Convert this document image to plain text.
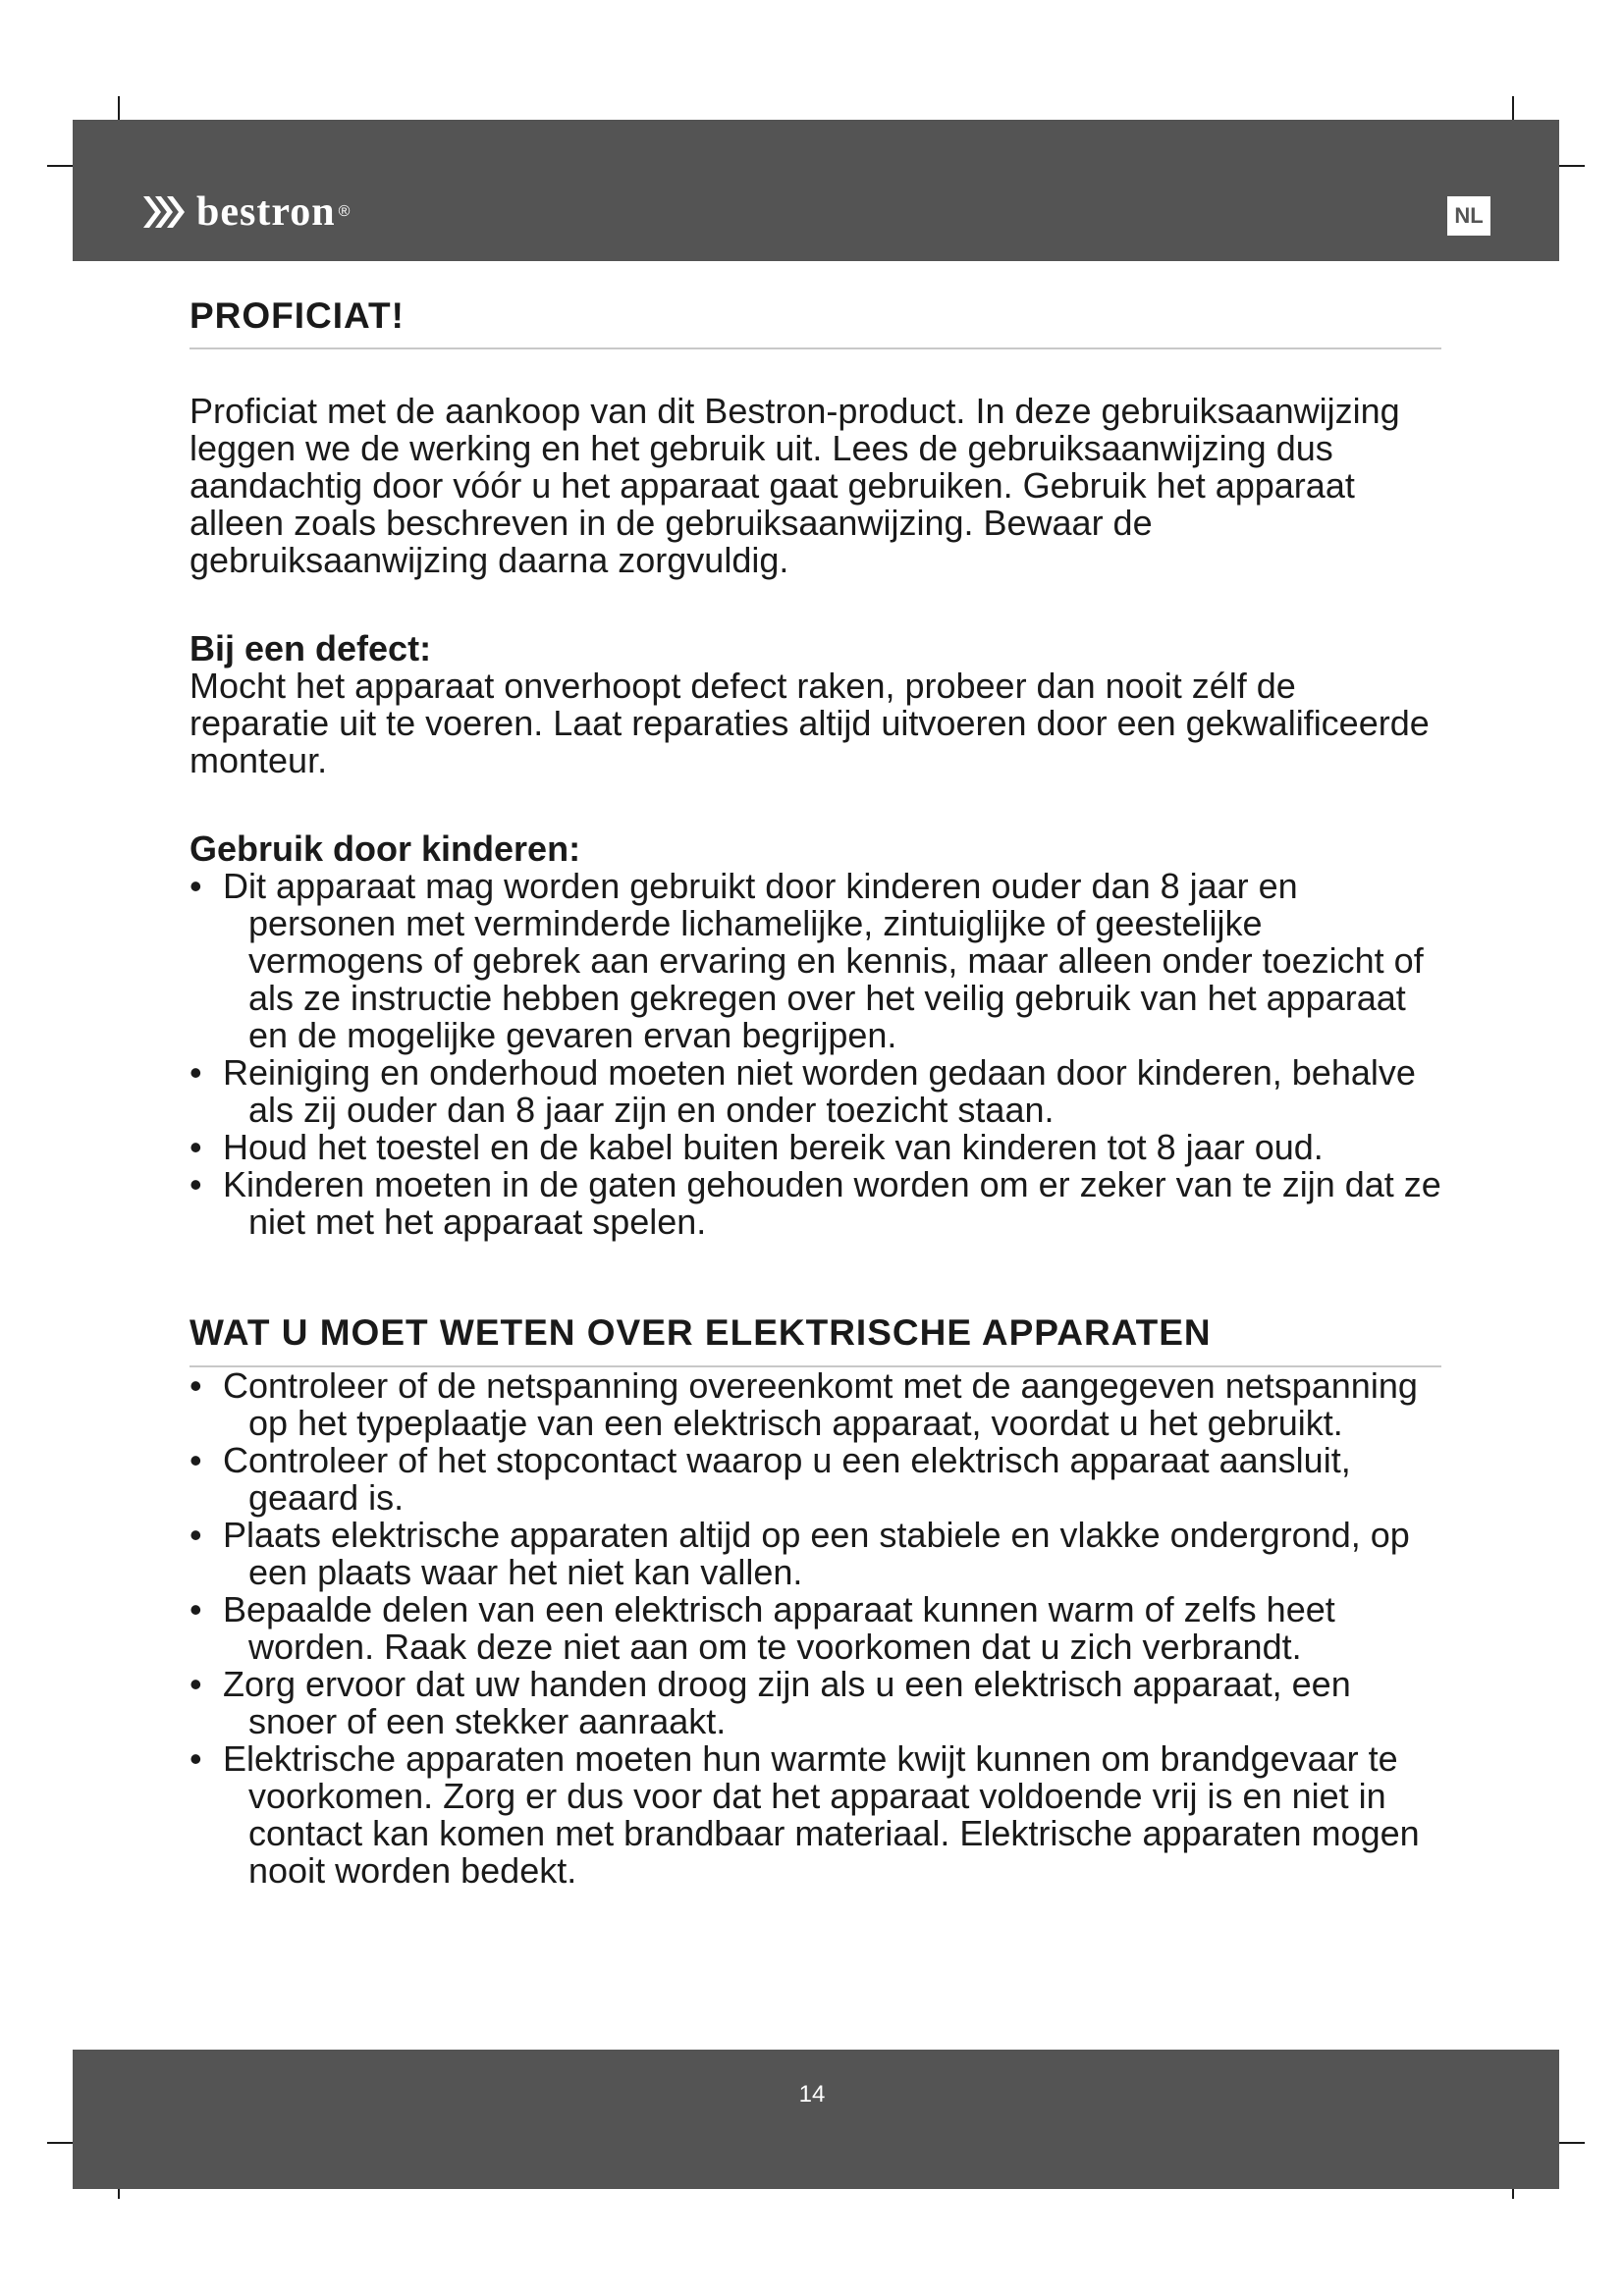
bestron ®	NL
PROFICIAT!

Proficiat met de aankoop van dit Bestron-product. In deze gebruiksaanwijzing leggen we de werking en het gebruik uit. Lees de gebruiksaanwijzing dus aandachtig door vóór u het apparaat gaat gebruiken. Gebruik het apparaat alleen zoals beschreven in de gebruiksaanwijzing. Bewaar de gebruiksaanwijzing daarna zorgvuldig.

Bij een defect:

Mocht het apparaat onverhoopt defect raken, probeer dan nooit zélf de reparatie uit te voeren. Laat reparaties altijd uitvoeren door een gekwalificeerde monteur.

Gebruik door kinderen:

• Dit apparaat mag worden gebruikt door kinderen ouder dan 8 jaar en personen met verminderde lichamelijke, zintuiglijke of geestelijke vermogens of gebrek aan ervaring en kennis, maar alleen onder toezicht of als ze instructie hebben gekregen over het veilig gebruik van het apparaat en de mogelijke gevaren ervan begrijpen.
• Reiniging en onderhoud moeten niet worden gedaan door kinderen, behalve als zij ouder dan 8 jaar zijn en onder toezicht staan.
• Houd het toestel en de kabel buiten bereik van kinderen tot 8 jaar oud.
• Kinderen moeten in de gaten gehouden worden om er zeker van te zijn dat ze niet met het apparaat spelen.
WAT U MOET WETEN OVER ELEKTRISCHE APPARATEN
• Controleer of de netspanning overeenkomt met de aangegeven netspanning op het typeplaatje van een elektrisch apparaat, voordat u het gebruikt.
• Controleer of het stopcontact waarop u een elektrisch apparaat aansluit, geaard is.
• Plaats elektrische apparaten altijd op een stabiele en vlakke ondergrond, op een plaats waar het niet kan vallen.
• Bepaalde delen van een elektrisch apparaat kunnen warm of zelfs heet worden. Raak deze niet aan om te voorkomen dat u zich verbrandt.
• Zorg ervoor dat uw handen droog zijn als u een elektrisch apparaat, een snoer of een stekker aanraakt.
• Elektrische apparaten moeten hun warmte kwijt kunnen om brandgevaar te voorkomen. Zorg er dus voor dat het apparaat voldoende vrij is en niet in contact kan komen met brandbaar materiaal. Elektrische apparaten mogen nooit worden bedekt.
14
